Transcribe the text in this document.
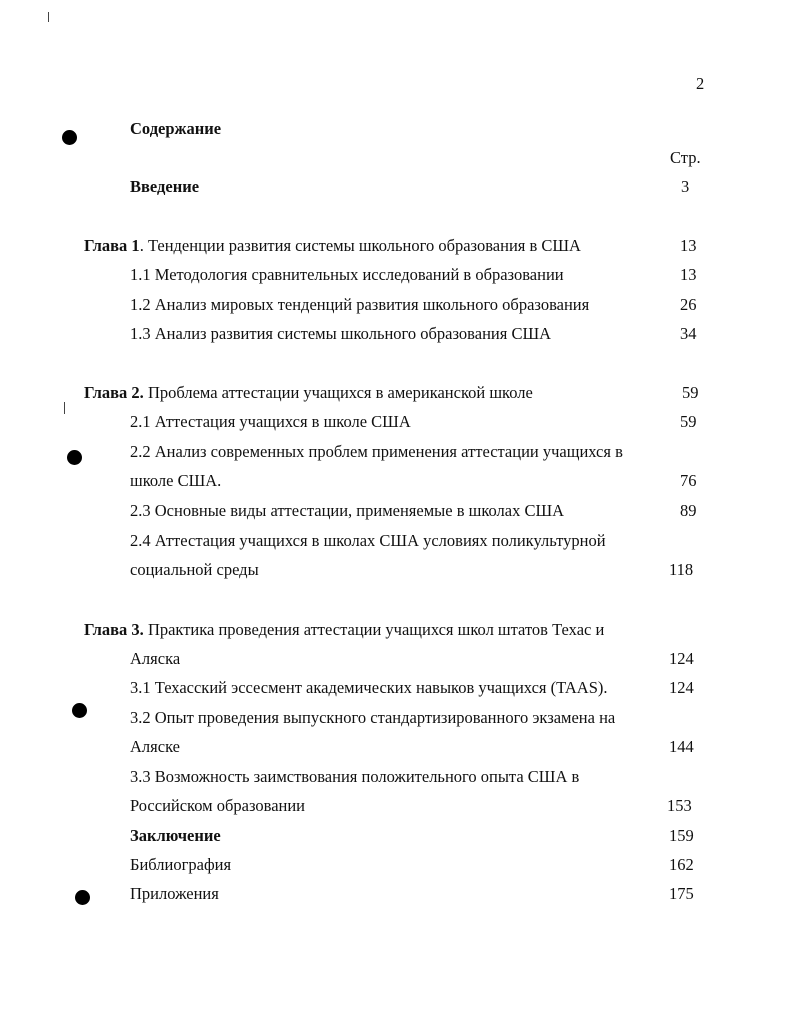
2
Содержание
Стр.
Введение	3
Глава 1. Тенденции развития системы школьного образования в США	13
1.1 Методология сравнительных исследований в образовании	13
1.2 Анализ мировых тенденций развития школьного образования	26
1.3 Анализ развития системы школьного образования США	34
Глава 2. Проблема аттестации учащихся в американской школе	59
2.1 Аттестация учащихся в школе США	59
2.2 Анализ современных проблем применения аттестации учащихся в
школе США.	76
2.3 Основные виды аттестации, применяемые в школах США	89
2.4 Аттестация учащихся в школах США условиях поликультурной
социальной среды	118
Глава 3. Практика проведения аттестации учащихся школ штатов Техас и
Аляска	124
3.1 Техасский эссесмент академических навыков учащихся (TAAS).	124
3.2 Опыт проведения выпускного стандартизированного экзамена на
Аляске	144
3.3 Возможность заимствования положительного опыта США в
Российском образовании	153
Заключение	159
Библиография	162
Приложения	175
